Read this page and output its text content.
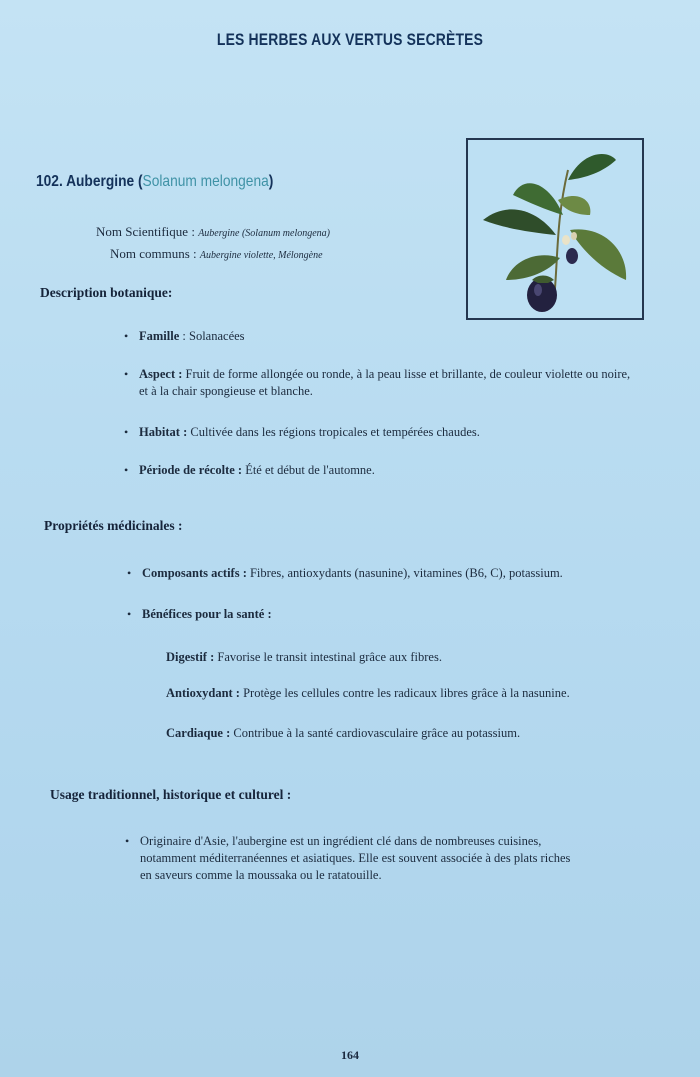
LES HERBES AUX VERTUS SECRÈTES
102. Aubergine (Solanum melongena)
Nom Scientifique : Aubergine (Solanum melongena)
Nom communs : Aubergine violette, Mélongène
Description botanique:
• Famille : Solanacées
• Aspect : Fruit de forme allongée ou ronde, à la peau lisse et brillante, de couleur violette ou noire, et à la chair spongieuse et blanche.
• Habitat : Cultivée dans les régions tropicales et tempérées chaudes.
• Période de récolte : Été et début de l'automne.
Propriétés médicinales :
• Composants actifs : Fibres, antioxydants (nasunine), vitamines (B6, C), potassium.
• Bénéfices pour la santé :
Digestif : Favorise le transit intestinal grâce aux fibres.
Antioxydant : Protège les cellules contre les radicaux libres grâce à la nasunine.
Cardiaque : Contribue à la santé cardiovasculaire grâce au potassium.
Usage traditionnel, historique et culturel :
• Originaire d'Asie, l'aubergine est un ingrédient clé dans de nombreuses cuisines, notamment méditerranéennes et asiatiques. Elle est souvent associée à des plats riches en saveurs comme la moussaka ou le ratatouille.
164
